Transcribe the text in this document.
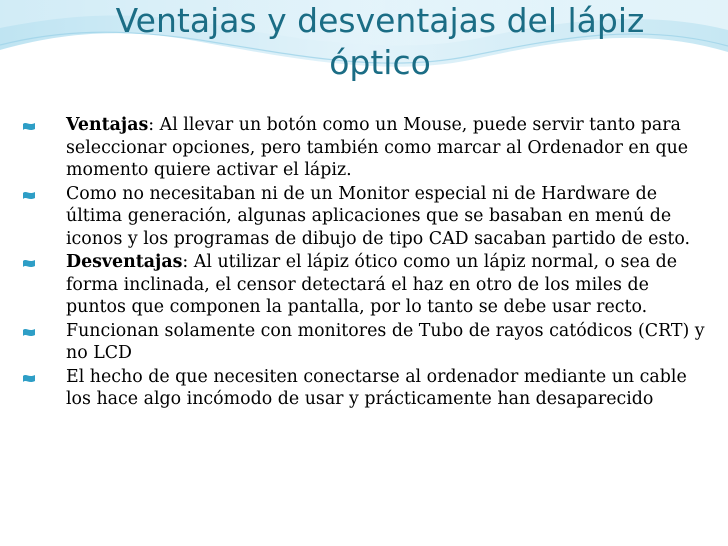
Ventajas y desventajas del lápiz óptico
Ventajas: Al llevar un botón como un Mouse, puede servir tanto para seleccionar opciones, pero también como marcar al Ordenador en que momento quiere activar el lápiz.
Como no necesitaban ni de un Monitor especial ni de Hardware de última generación, algunas aplicaciones que se basaban en menú de iconos y los programas de dibujo de tipo CAD sacaban partido de esto.
Desventajas: Al utilizar el lápiz ótico como un lápiz normal, o sea de forma inclinada, el censor detectará el haz en otro de los miles de puntos que componen la pantalla, por lo tanto se debe usar recto.
Funcionan solamente con monitores de Tubo de rayos catódicos (CRT) y no LCD
El hecho de que necesiten conectarse al ordenador mediante un cable los hace algo incómodo de usar y prácticamente han desaparecido
